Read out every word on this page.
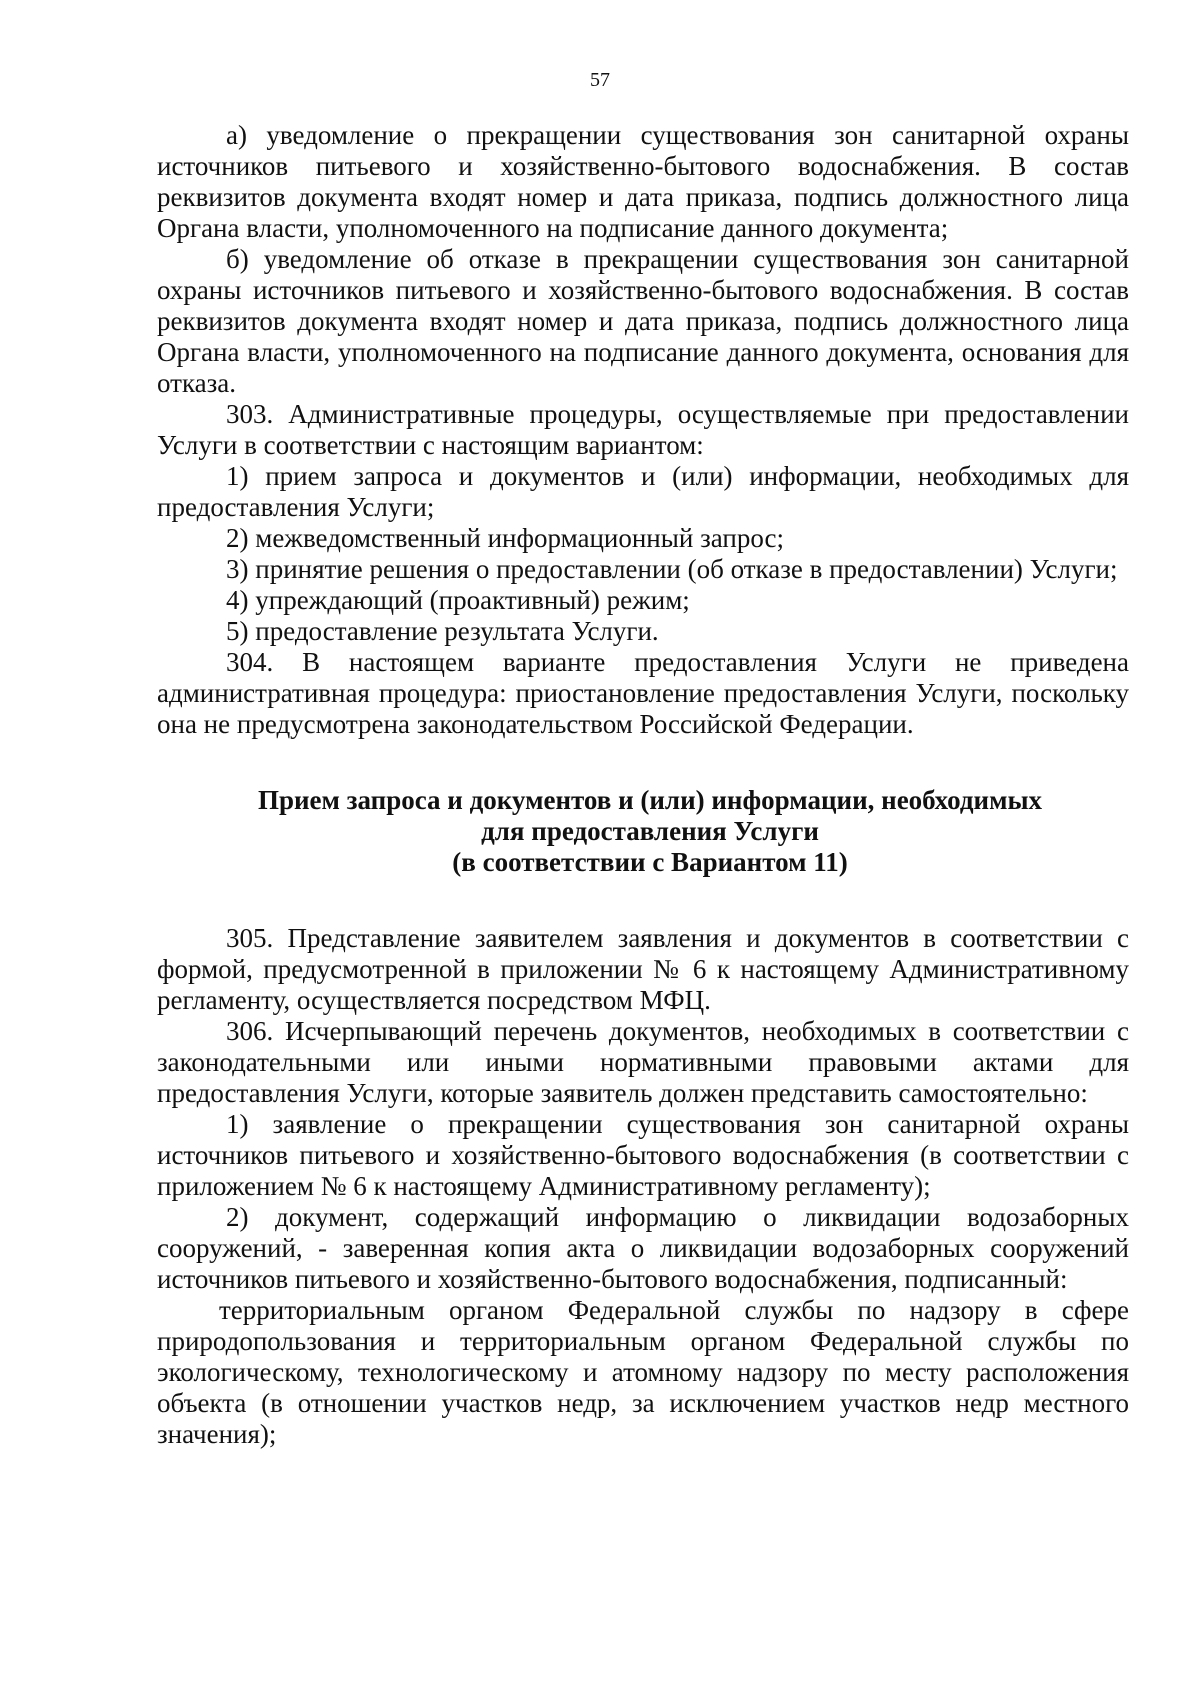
57

а) уведомление о прекращении существования зон санитарной охраны источников питьевого и хозяйственно-бытового водоснабжения. В состав реквизитов документа входят номер и дата приказа, подпись должностного лица Органа власти, уполномоченного на подписание данного документа;

б) уведомление об отказе в прекращении существования зон санитарной охраны источников питьевого и хозяйственно-бытового водоснабжения. В состав реквизитов документа входят номер и дата приказа, подпись должностного лица Органа власти, уполномоченного на подписание данного документа, основания для отказа.

303. Административные процедуры, осуществляемые при предоставлении Услуги в соответствии с настоящим вариантом:

1) прием запроса и документов и (или) информации, необходимых для предоставления Услуги;

2) межведомственный информационный запрос;

3) принятие решения о предоставлении (об отказе в предоставлении) Услуги;

4) упреждающий (проактивный) режим;

5) предоставление результата Услуги.

304. В настоящем варианте предоставления Услуги не приведена административная процедура: приостановление предоставления Услуги, поскольку она не предусмотрена законодательством Российской Федерации.

Прием запроса и документов и (или) информации, необходимых
для предоставления Услуги
(в соответствии с Вариантом 11)

305. Представление заявителем заявления и документов в соответствии с формой, предусмотренной в приложении № 6 к настоящему Административному регламенту, осуществляется посредством МФЦ.

306. Исчерпывающий перечень документов, необходимых в соответствии с законодательными или иными нормативными правовыми актами для предоставления Услуги, которые заявитель должен представить самостоятельно:

1) заявление о прекращении существования зон санитарной охраны источников питьевого и хозяйственно-бытового водоснабжения (в соответствии с приложением № 6 к настоящему Административному регламенту);

2) документ, содержащий информацию о ликвидации водозаборных сооружений, - заверенная копия акта о ликвидации водозаборных сооружений источников питьевого и хозяйственно-бытового водоснабжения, подписанный:

территориальным органом Федеральной службы по надзору в сфере природопользования и территориальным органом Федеральной службы по экологическому, технологическому и атомному надзору по месту расположения объекта (в отношении участков недр, за исключением участков недр местного значения);
